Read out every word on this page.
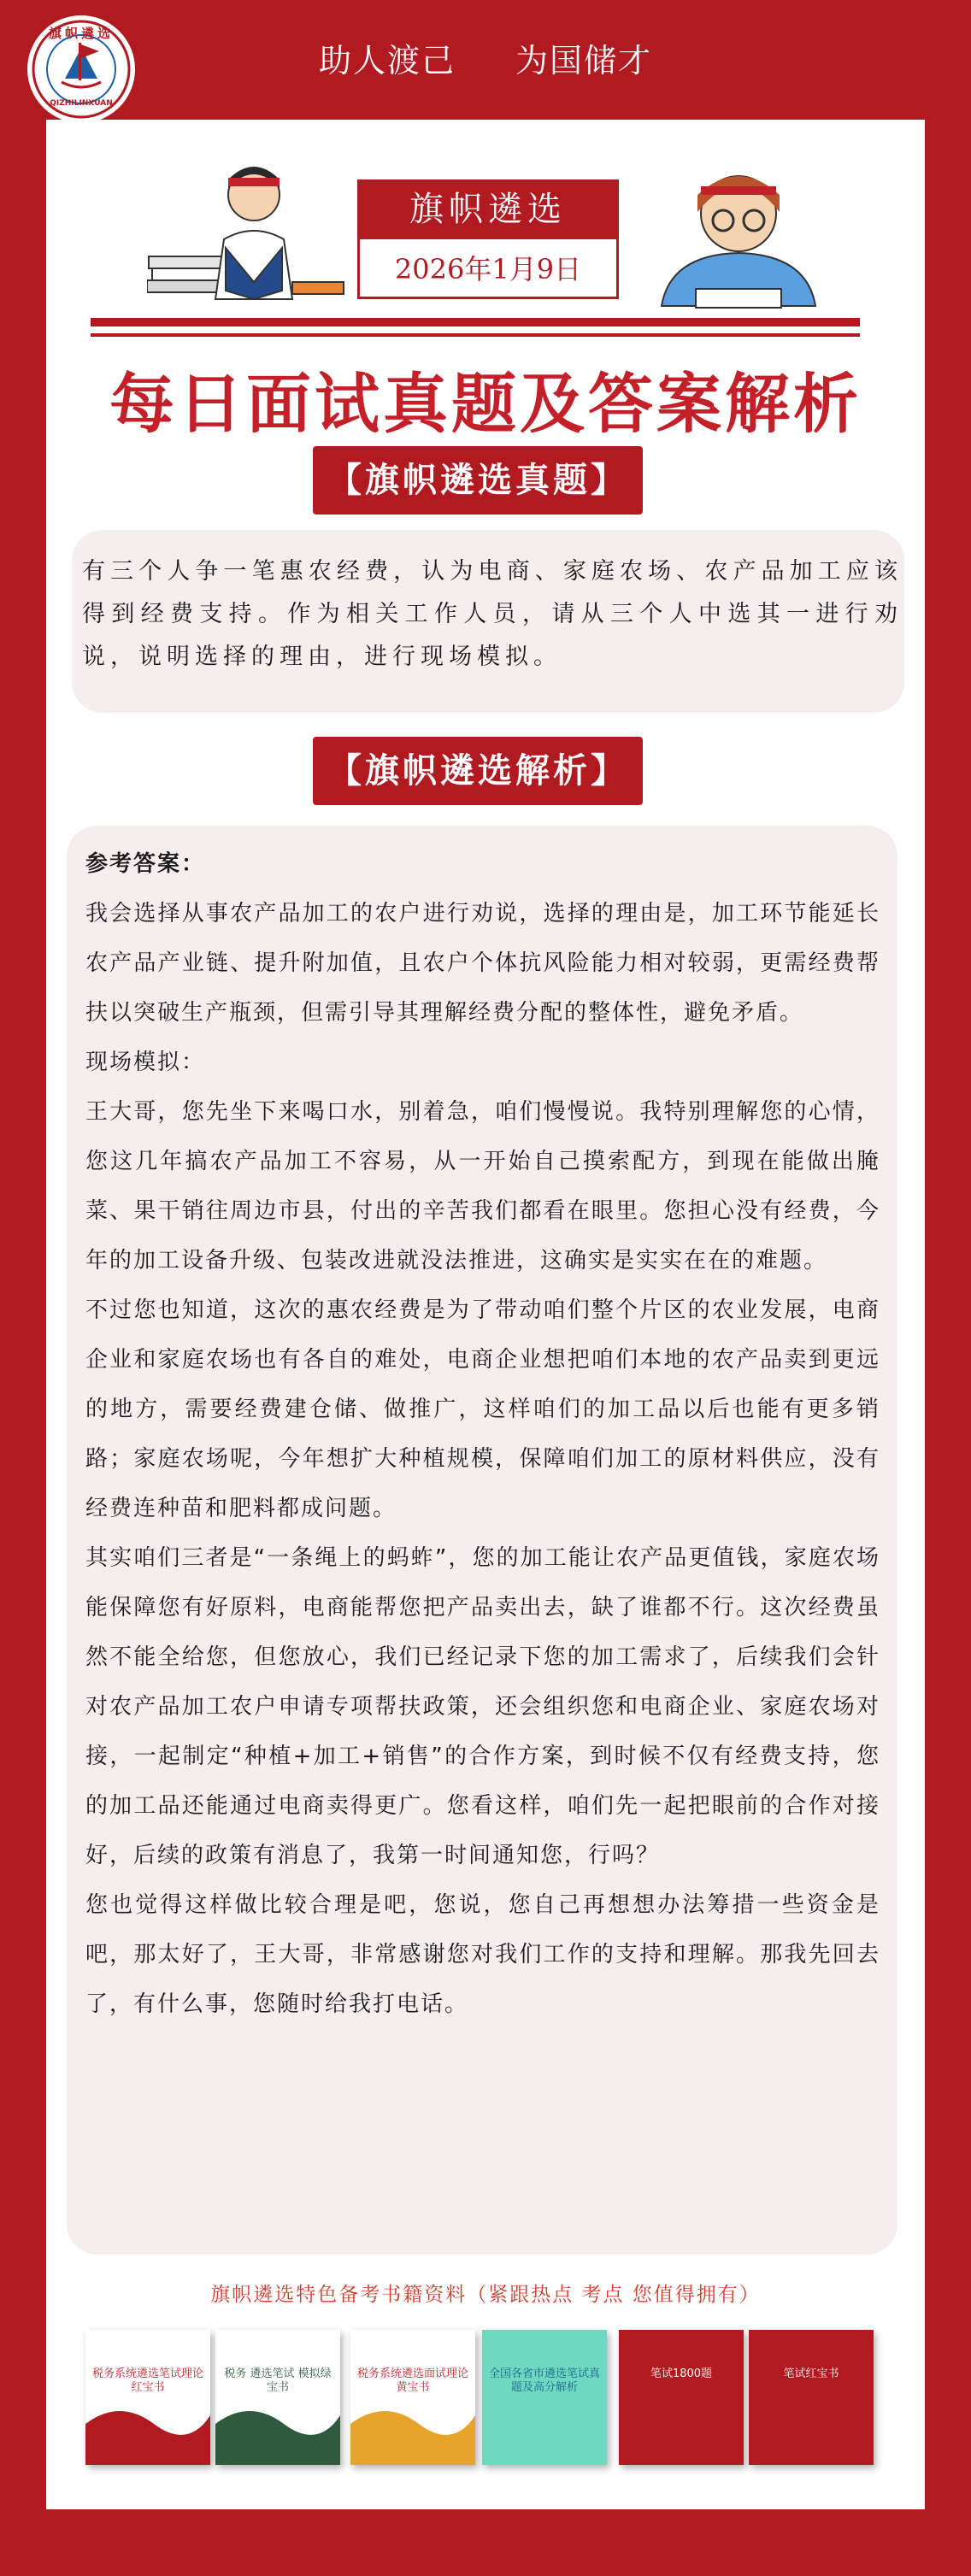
旗帜遴选
QIZHILINXUAN
助人渡己 为国储才
旗帜遴选
2026年1月9日
每日面试真题及答案解析
【旗帜遴选真题】
有三个人争一笔惠农经费，认为电商、家庭农场、农产品加工应该得到经费支持。作为相关工作人员，请从三个人中选其一进行劝说，说明选择的理由，进行现场模拟。
【旗帜遴选解析】

参考答案：

我会选择从事农产品加工的农户进行劝说，选择的理由是，加工环节能延长农产品产业链、提升附加值，且农户个体抗风险能力相对较弱，更需经费帮扶以突破生产瓶颈，但需引导其理解经费分配的整体性，避免矛盾。

现场模拟：

王大哥，您先坐下来喝口水，别着急，咱们慢慢说。我特别理解您的心情，您这几年搞农产品加工不容易，从一开始自己摸索配方，到现在能做出腌菜、果干销往周边市县，付出的辛苦我们都看在眼里。您担心没有经费，今年的加工设备升级、包装改进就没法推进，这确实是实实在在的难题。

不过您也知道，这次的惠农经费是为了带动咱们整个片区的农业发展，电商企业和家庭农场也有各自的难处，电商企业想把咱们本地的农产品卖到更远的地方，需要经费建仓储、做推广，这样咱们的加工品以后也能有更多销路；家庭农场呢，今年想扩大种植规模，保障咱们加工的原材料供应，没有经费连种苗和肥料都成问题。

其实咱们三者是“一条绳上的蚂蚱”，您的加工能让农产品更值钱，家庭农场能保障您有好原料，电商能帮您把产品卖出去，缺了谁都不行。这次经费虽然不能全给您，但您放心，我们已经记录下您的加工需求了，后续我们会针对农产品加工农户申请专项帮扶政策，还会组织您和电商企业、家庭农场对接，一起制定“种植+加工+销售”的合作方案，到时候不仅有经费支持，您的加工品还能通过电商卖得更广。您看这样，咱们先一起把眼前的合作对接好，后续的政策有消息了，我第一时间通知您，行吗？

您也觉得这样做比较合理是吧，您说，您自己再想想办法筹措一些资金是吧，那太好了，王大哥，非常感谢您对我们工作的支持和理解。那我先回去了，有什么事，您随时给我打电话。

旗帜遴选特色备考书籍资料（紧跟热点 考点 您值得拥有）
税务系统遴选笔试理论红宝书
税务 遴选笔试 模拟绿宝书
税务系统遴选面试理论黄宝书
全国各省市遴选笔试真题及高分解析
笔试1800题	笔试红宝书
